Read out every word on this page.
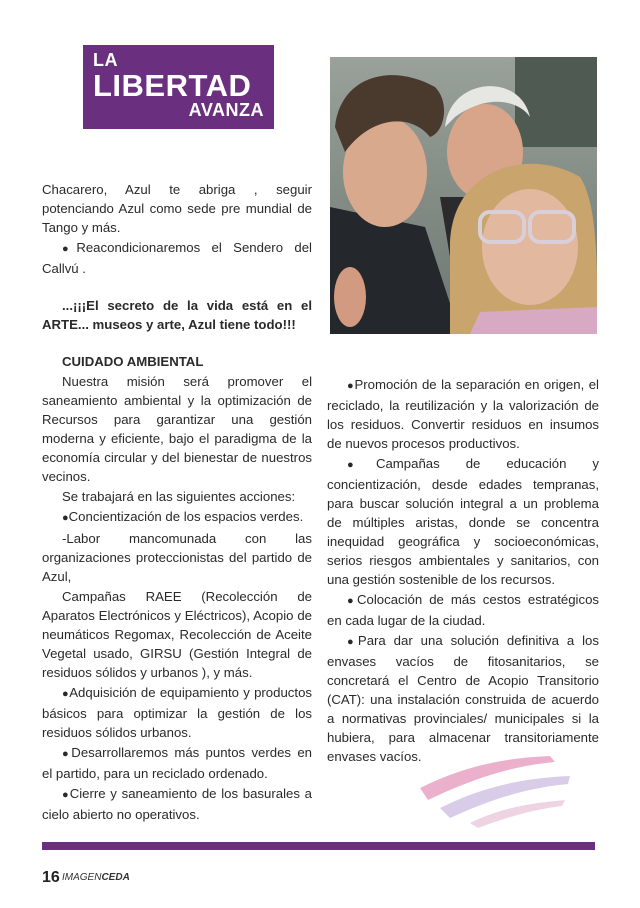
LA
LIBERTAD
AVANZA

Chacarero, Azul te abriga , seguir potenciando Azul como sede pre mundial de Tango y más.

●Reacondicionaremos el Sendero del Callvú .

...¡¡¡El secreto de la vida está en el ARTE... museos y arte, Azul tiene todo!!!

CUIDADO AMBIENTAL

Nuestra misión será promover el saneamiento ambiental y la optimización de Recursos para garantizar una gestión moderna y eficiente, bajo el paradigma de la economía circular y del bienestar de nuestros vecinos.

Se trabajará en las siguientes acciones:

●Concientización de los espacios verdes.

-Labor mancomunada con las organizaciones proteccionistas del partido de Azul,

Campañas RAEE (Recolección de Aparatos Electrónicos y Eléctricos), Acopio de neumáticos Regomax, Recolección de Aceite Vegetal usado, GIRSU (Gestión Integral de residuos sólidos y urbanos ), y más.

●Adquisición de equipamiento y productos básicos para optimizar la gestión de los residuos sólidos urbanos.

●Desarrollaremos más puntos verdes en el partido, para un reciclado ordenado.

●Cierre y saneamiento de los basurales a cielo abierto no operativos.

●Promoción de la separación en origen, el reciclado, la reutilización y la valorización de los residuos. Convertir residuos en insumos de nuevos procesos productivos.

●Campañas de educación y concientización, desde edades tempranas, para buscar solución integral a un problema de múltiples aristas, donde se concentra inequidad geográfica y socioeconómicas, serios riesgos ambientales y sanitarios, con una gestión sostenible de los recursos.

●Colocación de más cestos estratégicos en cada lugar de la ciudad.

●Para dar una solución definitiva a los envases vacíos de fitosanitarios, se concretará el Centro de Acopio Transitorio (CAT): una instalación construida de acuerdo a normativas provinciales/ municipales si la hubiera, para almacenar transitoriamente envases vacíos.

16 IMAGENCEDA
